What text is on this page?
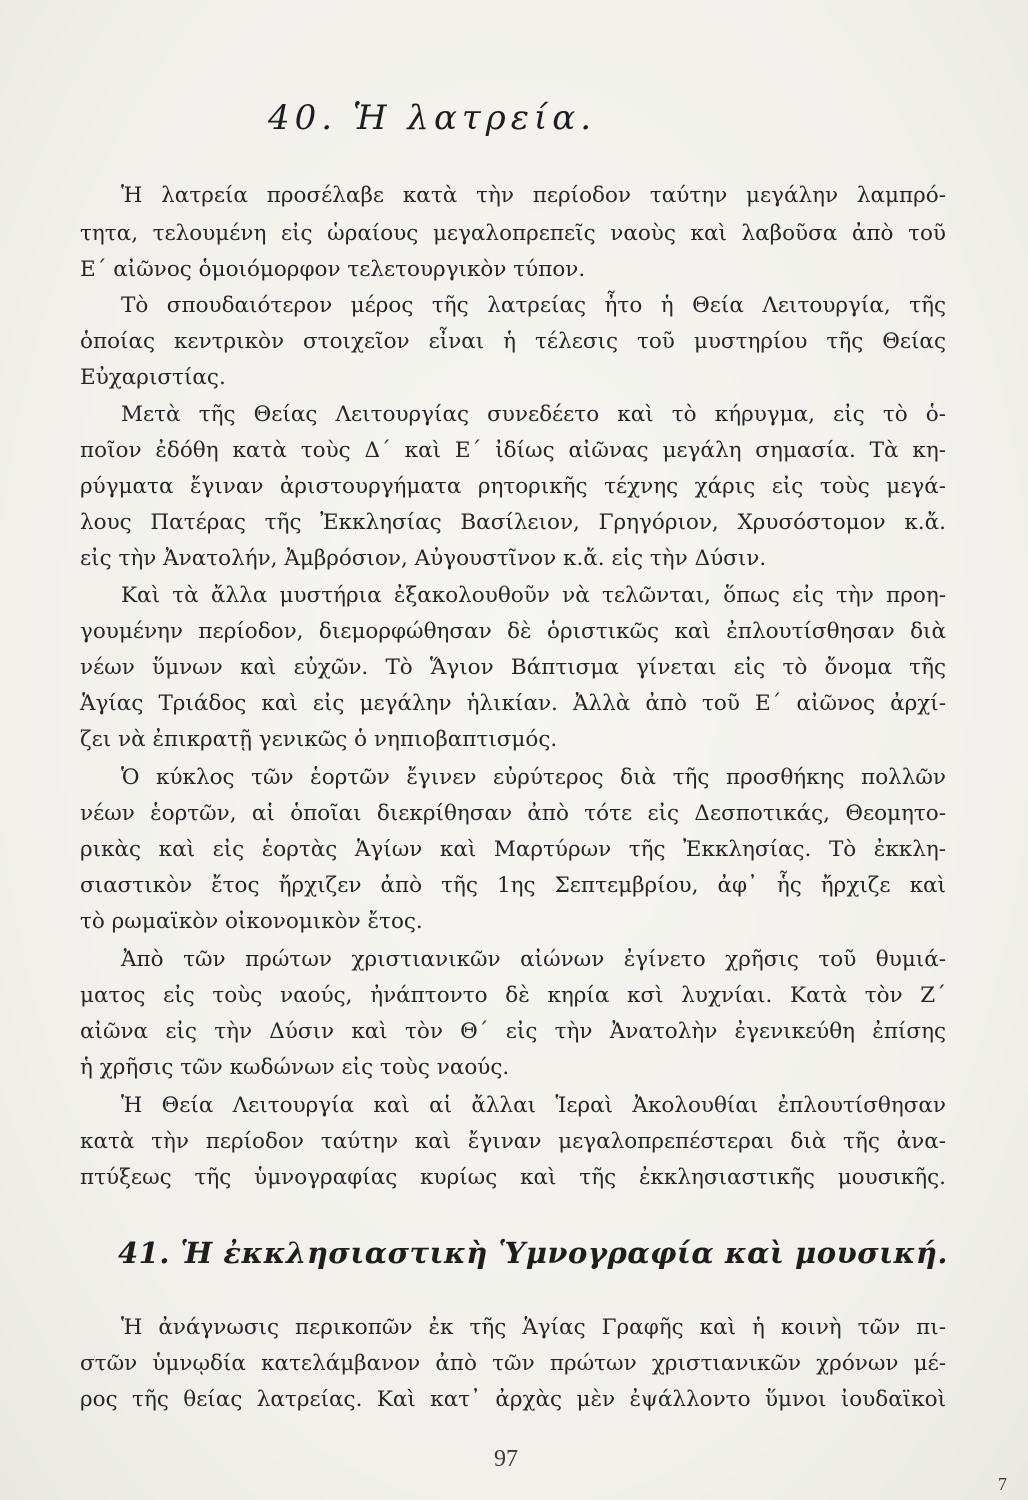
40. Ἡ λατρεία.

Ἡ λατρεία προσέλαβε κατὰ τὴν περίοδον ταύτην μεγάλην λαμπρό-

τητα, τελουμένη εἰς ὡραίους μεγαλοπρεπεῖς ναοὺς καὶ λαβοῦσα ἀπὸ τοῦ

Ε΄ αἰῶνος ὁμοιόμορφον τελετουργικὸν τύπον.

Τὸ σπουδαιότερον μέρος τῆς λατρείας ἦτο ἡ Θεία Λειτουργία, τῆς

ὁποίας κεντρικὸν στοιχεῖον εἶναι ἡ τέλεσις τοῦ μυστηρίου τῆς Θείας

Εὐχαριστίας.

Μετὰ τῆς Θείας Λειτουργίας συνεδέετο καὶ τὸ κήρυγμα, εἰς τὸ ὁ-

ποῖον ἐδόθη κατὰ τοὺς Δ΄ καὶ Ε΄ ἰδίως αἰῶνας μεγάλη σημασία. Τὰ κη-

ρύγματα ἔγιναν ἀριστουργήματα ρητορικῆς τέχνης χάρις εἰς τοὺς μεγά-

λους Πατέρας τῆς Ἐκκλησίας Βασίλειον, Γρηγόριον, Χρυσόστομον κ.ἄ.

εἰς τὴν Ἀνατολήν, Ἀμβρόσιον, Αὐγουστῖνον κ.ἄ. εἰς τὴν Δύσιν.

Καὶ τὰ ἄλλα μυστήρια ἐξακολουθοῦν νὰ τελῶνται, ὅπως εἰς τὴν προη-

γουμένην περίοδον, διεμορφώθησαν δὲ ὁριστικῶς καὶ ἐπλουτίσθησαν διὰ

νέων ὕμνων καὶ εὐχῶν. Τὸ Ἅγιον Βάπτισμα γίνεται εἰς τὸ ὄνομα τῆς

Ἁγίας Τριάδος καὶ εἰς μεγάλην ἡλικίαν. Ἀλλὰ ἀπὸ τοῦ Ε΄ αἰῶνος ἀρχί-

ζει νὰ ἐπικρατῇ γενικῶς ὁ νηπιοβαπτισμός.

Ὁ κύκλος τῶν ἑορτῶν ἔγινεν εὐρύτερος διὰ τῆς προσθήκης πολλῶν

νέων ἑορτῶν, αἱ ὁποῖαι διεκρίθησαν ἀπὸ τότε εἰς Δεσποτικάς, Θεομητο-

ρικὰς καὶ εἰς ἑορτὰς Ἁγίων καὶ Μαρτύρων τῆς Ἐκκλησίας. Τὸ ἐκκλη-

σιαστικὸν ἔτος ἤρχιζεν ἀπὸ τῆς 1ης Σεπτεμβρίου, ἀφ᾽ ἧς ἤρχιζε καὶ

τὸ ρωμαϊκὸν οἰκονομικὸν ἔτος.

Ἀπὸ τῶν πρώτων χριστιανικῶν αἰώνων ἐγίνετο χρῆσις τοῦ θυμιά-

ματος εἰς τοὺς ναούς, ἠνάπτοντο δὲ κηρία κσὶ λυχνίαι. Κατὰ τὸν Ζ΄

αἰῶνα εἰς τὴν Δύσιν καὶ τὸν Θ΄ εἰς τὴν Ἀνατολὴν ἐγενικεύθη ἐπίσης

ἡ χρῆσις τῶν κωδώνων εἰς τοὺς ναούς.

Ἡ Θεία Λειτουργία καὶ αἱ ἄλλαι Ἱεραὶ Ἀκολουθίαι ἐπλουτίσθησαν

κατὰ τὴν περίοδον ταύτην καὶ ἔγιναν μεγαλοπρεπέστεραι διὰ τῆς ἀνα-

πτύξεως τῆς ὑμνογραφίας κυρίως καὶ τῆς ἐκκλησιαστικῆς μουσικῆς.

41. Ἡ ἐκκλησιαστικὴ Ὑμνογραφία καὶ μουσική.

Ἡ ἀνάγνωσις περικοπῶν ἐκ τῆς Ἁγίας Γραφῆς καὶ ἡ κοινὴ τῶν πι-

στῶν ὑμνῳδία κατελάμβανον ἀπὸ τῶν πρώτων χριστιανικῶν χρόνων μέ-

ρος τῆς θείας λατρείας. Καὶ κατ᾽ ἀρχὰς μὲν ἐψάλλοντο ὕμνοι ἰουδαϊκοὶ

97
7
